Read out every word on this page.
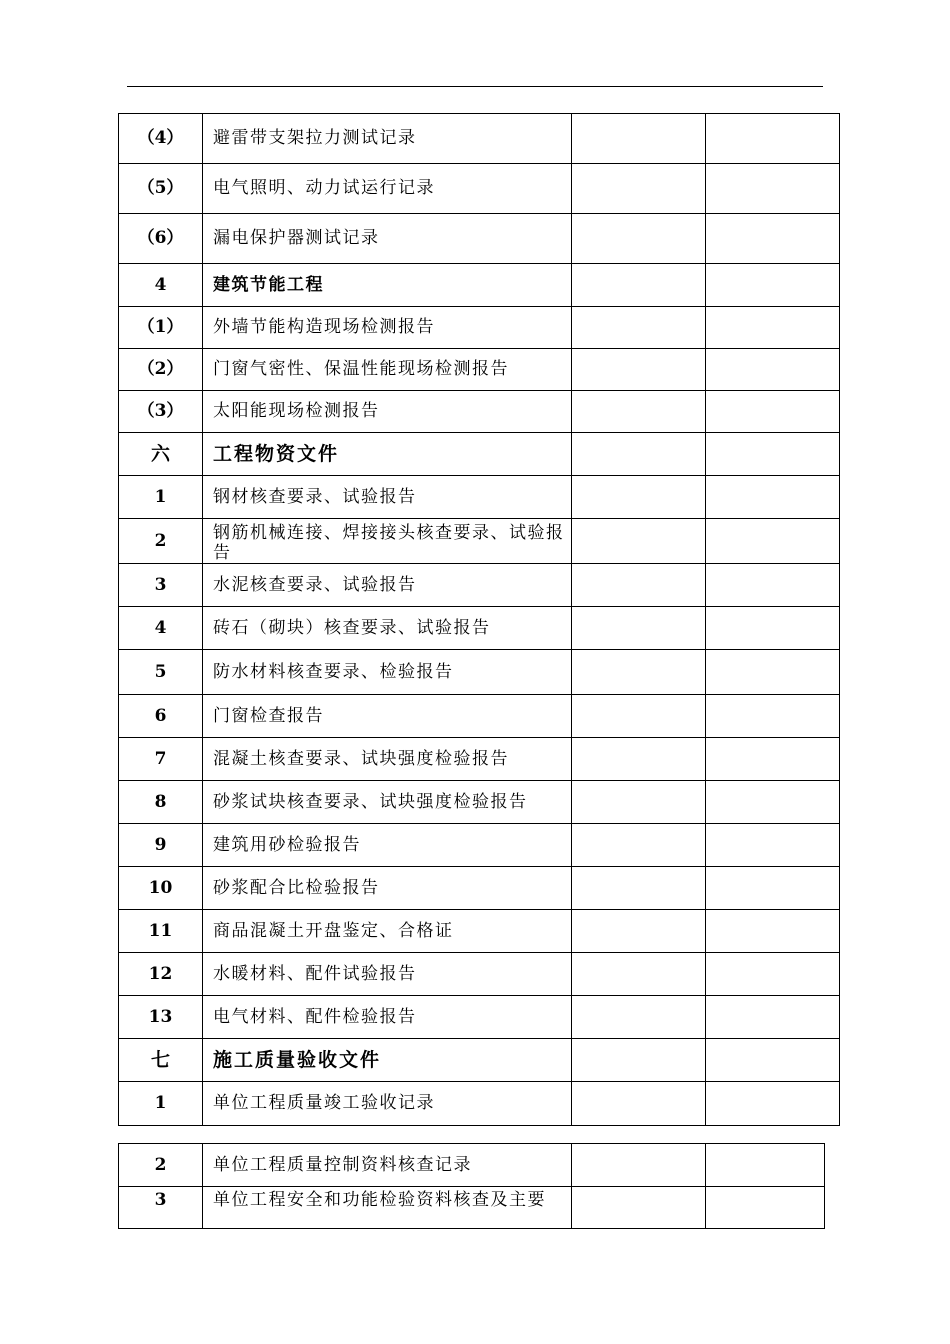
（4）	避雷带支架拉力测试记录		
（5）	电气照明、动力试运行记录		
（6）	漏电保护器测试记录		
4	建筑节能工程		
（1）	外墙节能构造现场检测报告		
（2）	门窗气密性、保温性能现场检测报告		
（3）	太阳能现场检测报告		
六	工程物资文件		
1	钢材核查要录、试验报告		
2	钢筋机械连接、焊接接头核查要录、试验报告		
3	水泥核查要录、试验报告		
4	砖石（砌块）核查要录、试验报告		
5	防水材料核查要录、检验报告		
6	门窗检查报告		
7	混凝土核查要录、试块强度检验报告		
8	砂浆试块核查要录、试块强度检验报告		
9	建筑用砂检验报告		
10	砂浆配合比检验报告		
11	商品混凝土开盘鉴定、合格证		
12	水暖材料、配件试验报告		
13	电气材料、配件检验报告		
七	施工质量验收文件		
1	单位工程质量竣工验收记录		
2	单位工程质量控制资料核查记录		
3	单位工程安全和功能检验资料核查及主要		
